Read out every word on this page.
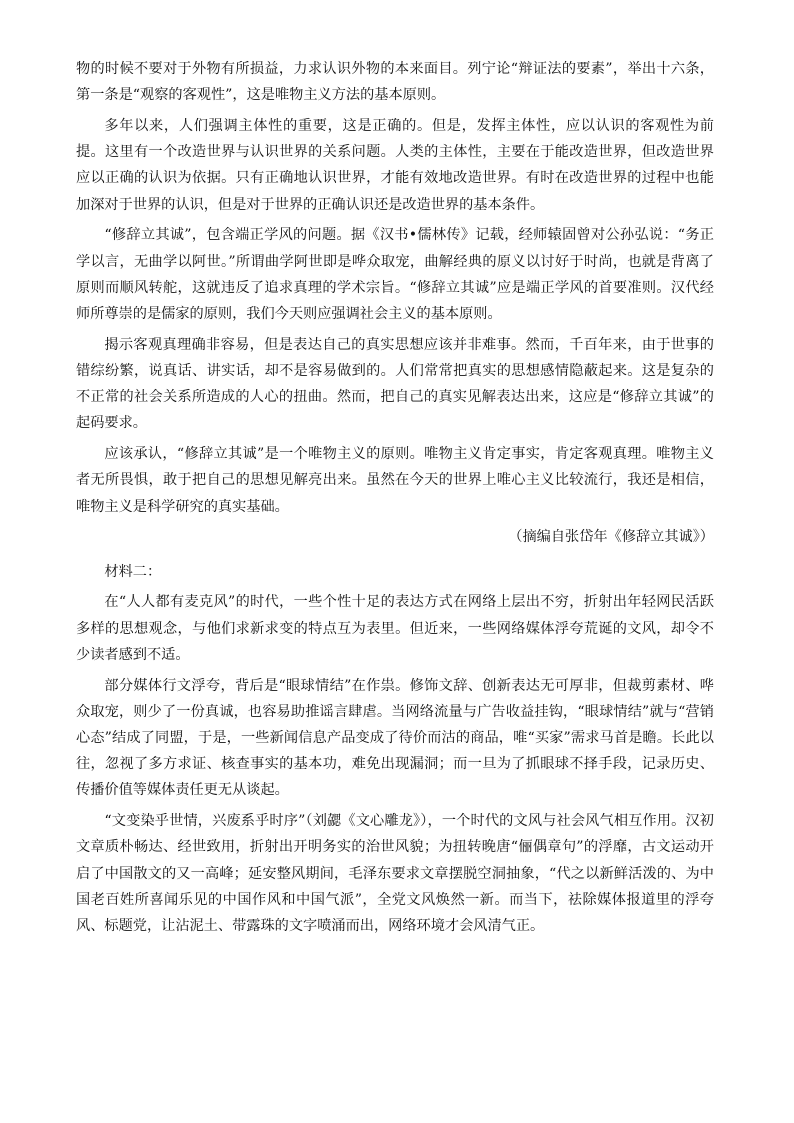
物的时候不要对于外物有所损益，力求认识外物的本来面目。列宁论“辩证法的要素”，举出十六条，第一条是“观察的客观性”，这是唯物主义方法的基本原则。

多年以来，人们强调主体性的重要，这是正确的。但是，发挥主体性，应以认识的客观性为前提。这里有一个改造世界与认识世界的关系问题。人类的主体性，主要在于能改造世界，但改造世界应以正确的认识为依据。只有正确地认识世界，才能有效地改造世界。有时在改造世界的过程中也能加深对于世界的认识，但是对于世界的正确认识还是改造世界的基本条件。

“修辞立其诚”，包含端正学风的问题。据《汉书•儒林传》记载，经师辕固曾对公孙弘说：“务正学以言，无曲学以阿世。”所谓曲学阿世即是哗众取宠，曲解经典的原义以讨好于时尚，也就是背离了原则而顺风转舵，这就违反了追求真理的学术宗旨。“修辞立其诚”应是端正学风的首要准则。汉代经师所尊崇的是儒家的原则，我们今天则应强调社会主义的基本原则。

揭示客观真理确非容易，但是表达自己的真实思想应该并非难事。然而，千百年来，由于世事的错综纷繁，说真话、讲实话，却不是容易做到的。人们常常把真实的思想感情隐蔽起来。这是复杂的不正常的社会关系所造成的人心的扭曲。然而，把自己的真实见解表达出来，这应是“修辞立其诚”的起码要求。

应该承认，“修辞立其诚”是一个唯物主义的原则。唯物主义肯定事实，肯定客观真理。唯物主义者无所畏惧，敢于把自己的思想见解亮出来。虽然在今天的世界上唯心主义比较流行，我还是相信，唯物主义是科学研究的真实基础。

（摘编自张岱年《修辞立其诚》）

材料二：

在“人人都有麦克风”的时代，一些个性十足的表达方式在网络上层出不穷，折射出年轻网民活跃多样的思想观念，与他们求新求变的特点互为表里。但近来，一些网络媒体浮夸荒诞的文风，却令不少读者感到不适。

部分媒体行文浮夸，背后是“眼球情结”在作祟。修饰文辞、创新表达无可厚非，但裁剪素材、哗众取宠，则少了一份真诚，也容易助推谣言肆虐。当网络流量与广告收益挂钩，“眼球情结”就与“营销心态”结成了同盟，于是，一些新闻信息产品变成了待价而沽的商品，唯“买家”需求马首是瞻。长此以往，忽视了多方求证、核查事实的基本功，难免出现漏洞；而一旦为了抓眼球不择手段，记录历史、传播价值等媒体责任更无从谈起。

“文变染乎世情，兴废系乎时序”（刘勰《文心雕龙》），一个时代的文风与社会风气相互作用。汉初文章质朴畅达、经世致用，折射出开明务实的治世风貌；为扭转晚唐“俪偶章句”的浮靡，古文运动开启了中国散文的又一高峰；延安整风期间，毛泽东要求文章摆脱空洞抽象，“代之以新鲜活泼的、为中国老百姓所喜闻乐见的中国作风和中国气派”，全党文风焕然一新。而当下，祛除媒体报道里的浮夸风、标题党，让沾泥土、带露珠的文字喷涌而出，网络环境才会风清气正。
